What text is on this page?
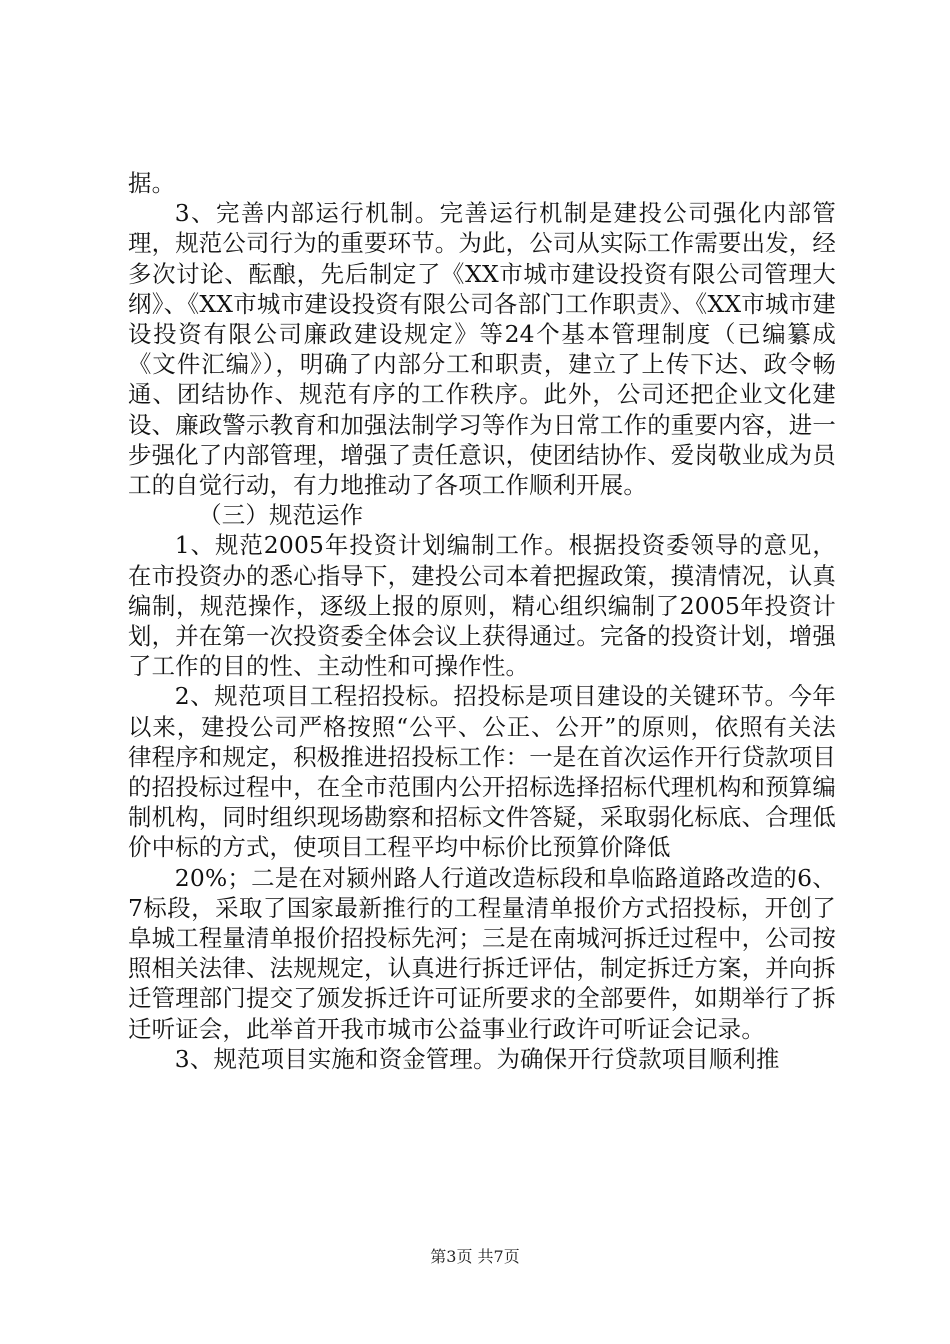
据。

3、完善内部运行机制。完善运行机制是建投公司强化内部管理，规范公司行为的重要环节。为此，公司从实际工作需要出发，经多次讨论、酝酿，先后制定了《XX市城市建设投资有限公司管理大纲》、《XX市城市建设投资有限公司各部门工作职责》、《XX市城市建设投资有限公司廉政建设规定》等24个基本管理制度（已编纂成《文件汇编》），明确了内部分工和职责，建立了上传下达、政令畅通、团结协作、规范有序的工作秩序。此外，公司还把企业文化建设、廉政警示教育和加强法制学习等作为日常工作的重要内容，进一步强化了内部管理，增强了责任意识，使团结协作、爱岗敬业成为员工的自觉行动，有力地推动了各项工作顺利开展。

（三）规范运作

1、规范2005年投资计划编制工作。根据投资委领导的意见，在市投资办的悉心指导下，建投公司本着把握政策，摸清情况，认真编制，规范操作，逐级上报的原则，精心组织编制了2005年投资计划，并在第一次投资委全体会议上获得通过。完备的投资计划，增强了工作的目的性、主动性和可操作性。

2、规范项目工程招投标。招投标是项目建设的关键环节。今年以来，建投公司严格按照“公平、公正、公开”的原则，依照有关法律程序和规定，积极推进招投标工作：一是在首次运作开行贷款项目的招投标过程中，在全市范围内公开招标选择招标代理机构和预算编制机构，同时组织现场勘察和招标文件答疑，采取弱化标底、合理低价中标的方式，使项目工程平均中标价比预算价降低

20%；二是在对颍州路人行道改造标段和阜临路道路改造的6、7标段，采取了国家最新推行的工程量清单报价方式招投标，开创了阜城工程量清单报价招投标先河；三是在南城河拆迁过程中，公司按照相关法律、法规规定，认真进行拆迁评估，制定拆迁方案，并向拆迁管理部门提交了颁发拆迁许可证所要求的全部要件，如期举行了拆迁听证会，此举首开我市城市公益事业行政许可听证会记录。

3、规范项目实施和资金管理。为确保开行贷款项目顺利推

第3页 共7页
